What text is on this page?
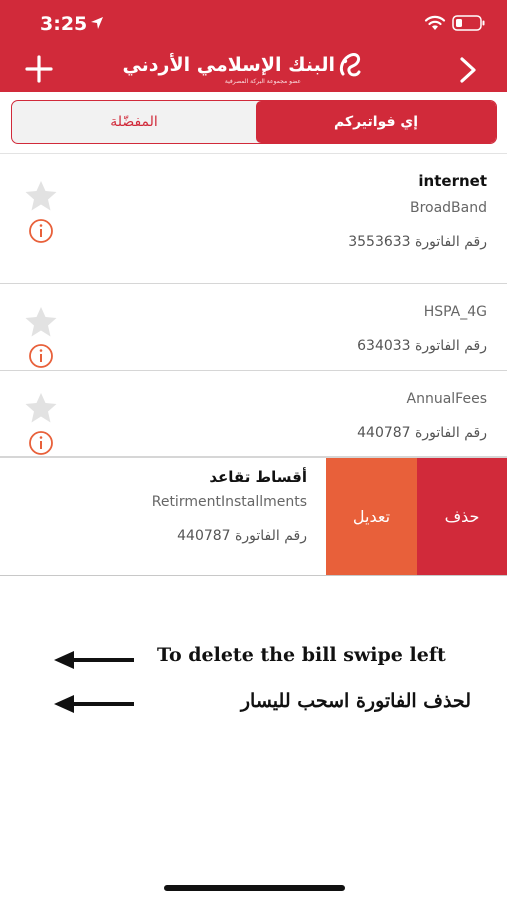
3:25
البنك الإسلامي الأردني
عضو مجموعة البركة المصرفية
المفضّلة	إي فواتيركم
internet
BroadBand
رقم الفاتورة 3553633
HSPA_4G
رقم الفاتورة 634033
AnnualFees
رقم الفاتورة 440787
أقساط تقاعد
RetirmentInstallments
رقم الفاتورة 440787
تعديل	حذف
To delete the bill swipe left
لحذف الفاتورة اسحب لليسار
